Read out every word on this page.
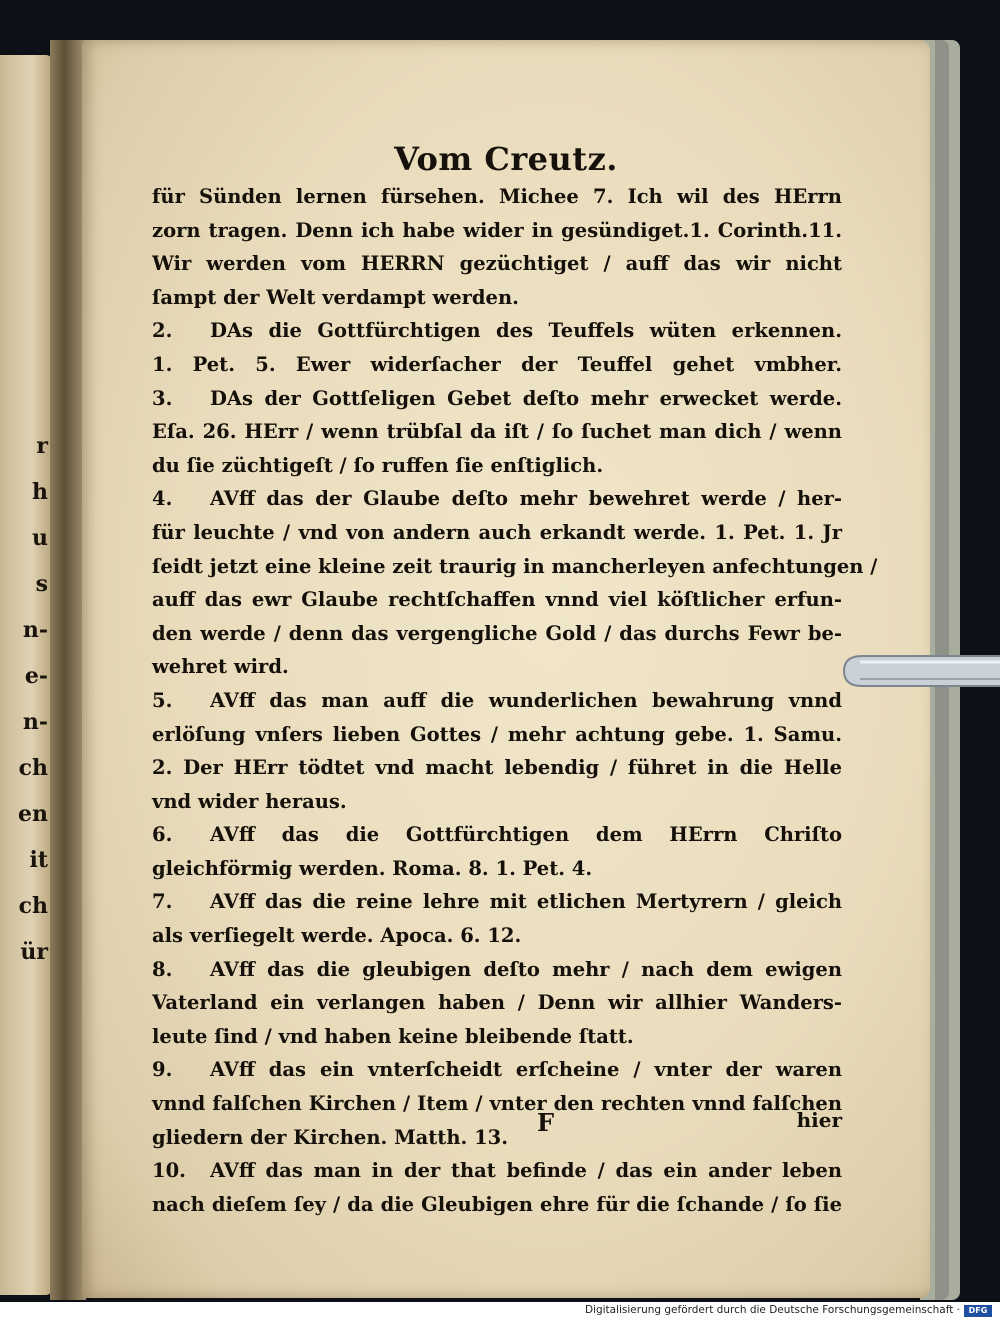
r
h
u
s
n‑
e‑
n‑
ch
en
it
ch
ür
Vom Creutz.
für Sünden lernen fürsehen. Michee 7. Ich wil des HErrn
zorn tragen. Denn ich habe wider in gesündiget.1. Corinth.11.
Wir werden vom HERRN gezüchtiget / auff das wir nicht
ſampt der Welt verdampt werden.
2.	DAs die Gottfürchtigen des Teuffels wüten erkennen.
1. Pet. 5. Ewer widerſacher der Teuffel gehet vmbher.
3.	DAs der Gottſeligen Gebet deſto mehr erwecket werde.
Eſa. 26. HErr / wenn trübſal da iſt / ſo ſuchet man dich / wenn
du ſie züchtigeſt / ſo ruffen ſie enſtiglich.
4.	AVff das der Glaube deſto mehr bewehret werde / her‑
für leuchte / vnd von andern auch erkandt werde. 1. Pet. 1. Jr
ſeidt jetzt eine kleine zeit traurig in mancherleyen anfechtungen /
auff das ewr Glaube rechtſchaffen vnnd viel köſtlicher erfun‑
den werde / denn das vergengliche Gold / das durchs Fewr be‑
wehret wird.
5.	AVff das man auff die wunderlichen bewahrung vnnd
erlöſung vnſers lieben Gottes / mehr achtung gebe. 1. Samu.
2. Der HErr tödtet vnd macht lebendig / führet in die Helle
vnd wider heraus.
6.	AVff das die Gottfürchtigen dem HErrn Chriſto
gleichförmig werden. Roma. 8. 1. Pet. 4.
7.	AVff das die reine lehre mit etlichen Mertyrern / gleich
als verſiegelt werde. Apoca. 6. 12.
8.	AVff das die gleubigen deſto mehr / nach dem ewigen
Vaterland ein verlangen haben / Denn wir allhier Wanders‑
leute ſind / vnd haben keine bleibende ſtatt.
9.	AVff das ein vnterſcheidt erſcheine / vnter der waren
vnnd falſchen Kirchen / Item / vnter den rechten vnnd falſchen
gliedern der Kirchen. Matth. 13.
10.	AVff das man in der that befinde / das ein ander leben
nach dieſem ſey / da die Gleubigen ehre für die ſchande / ſo ſie
F	hier
Digitalisierung gefördert durch die Deutsche Forschungsgemeinschaft ·	DFG
